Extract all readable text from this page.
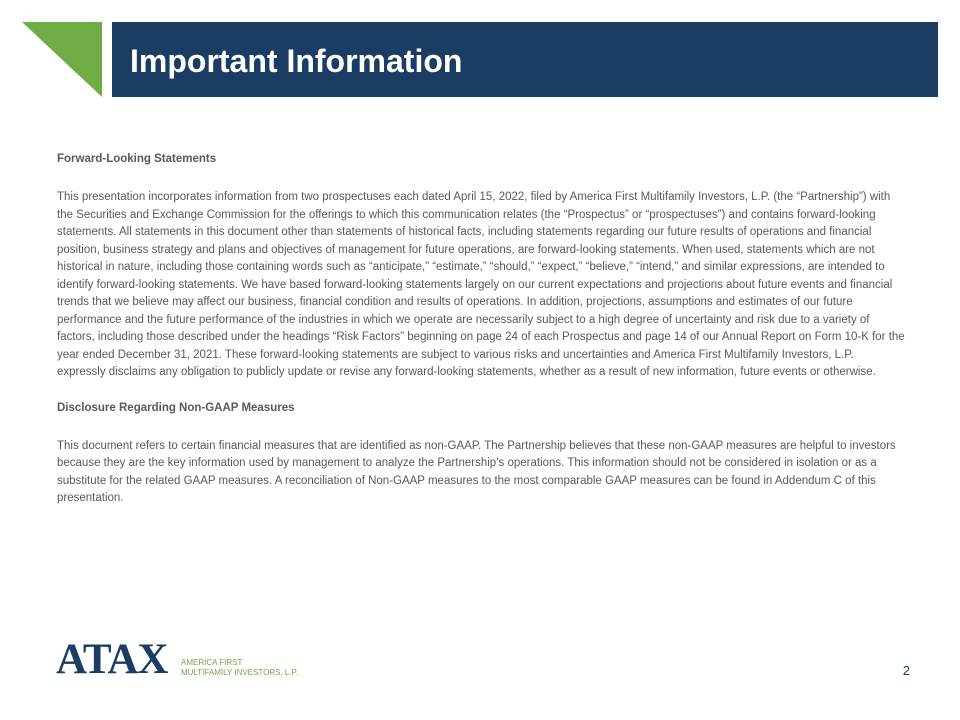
Important Information

Forward-Looking Statements

This presentation incorporates information from two prospectuses each dated April 15, 2022, filed by America First Multifamily Investors, L.P. (the “Partnership”) with the Securities and Exchange Commission for the offerings to which this communication relates (the “Prospectus” or “prospectuses”) and contains forward-looking statements. All statements in this document other than statements of historical facts, including statements regarding our future results of operations and financial position, business strategy and plans and objectives of management for future operations, are forward-looking statements. When used, statements which are not historical in nature, including those containing words such as “anticipate,” “estimate,” “should,” “expect,” “believe,” “intend,” and similar expressions, are intended to identify forward-looking statements. We have based forward-looking statements largely on our current expectations and projections about future events and financial trends that we believe may affect our business, financial condition and results of operations. In addition, projections, assumptions and estimates of our future performance and the future performance of the industries in which we operate are necessarily subject to a high degree of uncertainty and risk due to a variety of factors, including those described under the headings “Risk Factors” beginning on page 24 of each Prospectus and page 14 of our Annual Report on Form 10-K for the year ended December 31, 2021. These forward-looking statements are subject to various risks and uncertainties and America First Multifamily Investors, L.P. expressly disclaims any obligation to publicly update or revise any forward-looking statements, whether as a result of new information, future events or otherwise.

Disclosure Regarding Non-GAAP Measures

This document refers to certain financial measures that are identified as non-GAAP. The Partnership believes that these non-GAAP measures are helpful to investors because they are the key information used by management to analyze the Partnership’s operations. This information should not be considered in isolation or as a substitute for the related GAAP measures. A reconciliation of Non-GAAP measures to the most comparable GAAP measures can be found in Addendum C of this presentation.

ATAX AMERICA FIRST
MULTIFAMILY INVESTORS, L.P.	2
